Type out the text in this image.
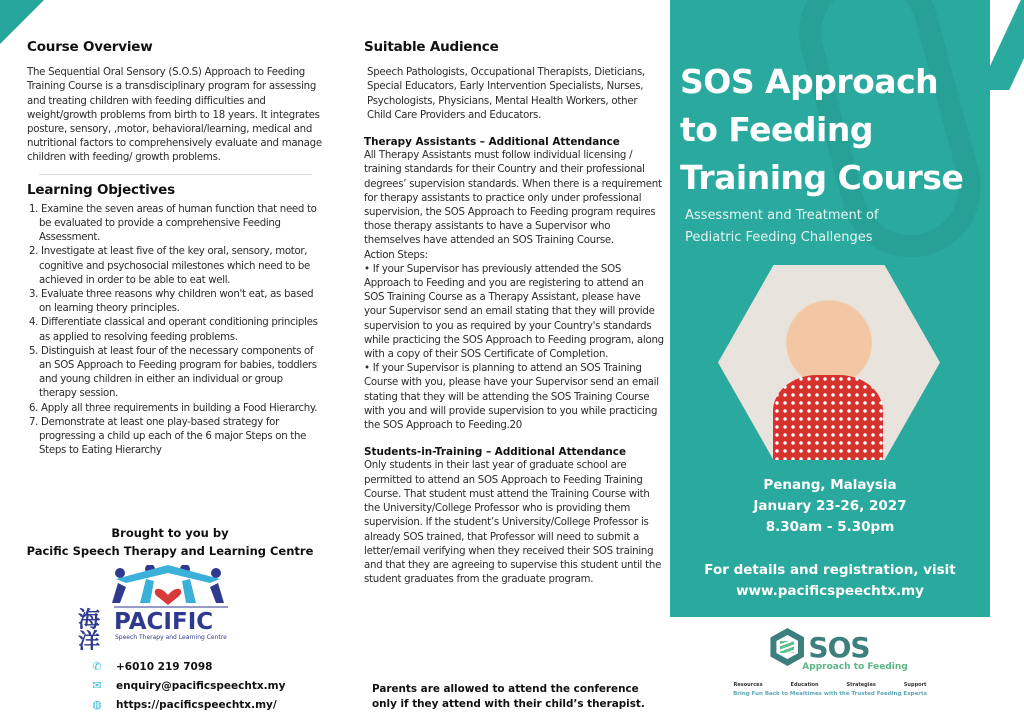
Course Overview

The Sequential Oral Sensory (S.O.S) Approach to Feeding Training Course is a transdisciplinary program for assessing and treating children with feeding difficulties and weight/growth problems from birth to 18 years. It integrates posture, sensory, ,motor, behavioral/learning, medical and nutritional factors to comprehensively evaluate and manage children with feeding/ growth problems.

Learning Objectives
1. Examine the seven areas of human function that need to be evaluated to provide a comprehensive Feeding Assessment.
2. Investigate at least five of the key oral, sensory, motor, cognitive and psychosocial milestones which need to be achieved in order to be able to eat well.
3. Evaluate three reasons why children won't eat, as based on learning theory principles.
4. Differentiate classical and operant conditioning principles as applied to resolving feeding problems.
5. Distinguish at least four of the necessary components of an SOS Approach to Feeding program for babies, toddlers and young children in either an individual or group therapy session.
6. Apply all three requirements in building a Food Hierarchy.
7. Demonstrate at least one play-based strategy for progressing a child up each of the 6 major Steps on the Steps to Eating Hierarchy
Brought to you by
Pacific Speech Therapy and Learning Centre
海
洋
PACIFIC
Speech Therapy and Learning Centre
✆ +6010 219 7098
✉ enquiry@pacificspeechtx.my
◍ https://pacificspeechtx.my/
Suitable Audience

Speech Pathologists, Occupational Therapists, Dieticians, Special Educators, Early Intervention Specialists, Nurses, Psychologists, Physicians, Mental Health Workers, other Child Care Providers and Educators.

Therapy Assistants – Additional Attendance

All Therapy Assistants must follow individual licensing / training standards for their Country and their professional degrees’ supervision standards. When there is a requirement for therapy assistants to practice only under professional supervision, the SOS Approach to Feeding program requires those therapy assistants to have a Supervisor who themselves have attended an SOS Training Course.

Action Steps:

• If your Supervisor has previously attended the SOS Approach to Feeding and you are registering to attend an SOS Training Course as a Therapy Assistant, please have your Supervisor send an email stating that they will provide supervision to you as required by your Country's standards while practicing the SOS Approach to Feeding program, along with a copy of their SOS Certificate of Completion.

• If your Supervisor is planning to attend an SOS Training Course with you, please have your Supervisor send an email stating that they will be attending the SOS Training Course with you and will provide supervision to you while practicing the SOS Approach to Feeding.20

Students-in-Training – Additional Attendance

Only students in their last year of graduate school are permitted to attend an SOS Approach to Feeding Training Course. That student must attend the Training Course with the University/College Professor who is providing them supervision. If the student’s University/College Professor is already SOS trained, that Professor will need to submit a letter/email verifying when they received their SOS training and that they are agreeing to supervise this student until the student graduates from the graduate program.

Parents are allowed to attend the conference
only if they attend with their child’s therapist.
SOS Approach
to Feeding
Training Course
Assessment and Treatment of
Pediatric Feeding Challenges
Penang, Malaysia
January 23-26, 2027
8.30am - 5.30pm
For details and registration, visit
www.pacificspeechtx.my
SOS
Approach to Feeding
Resources	Education	Strategies	Support
Bring Fun Back to Mealtimes with the Trusted Feeding Experts
